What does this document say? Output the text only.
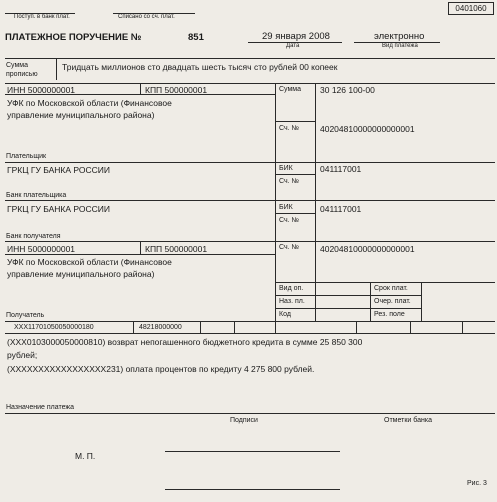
0401060
Поступ. в банк плат.	Списано со сч. плат.
ПЛАТЕЖНОЕ ПОРУЧЕНИЕ №	851	29 января 2008
Дата
электронно
Вид платежа
Сумма
прописью
Тридцать миллионов сто двадцать шесть тысяч сто рублей 00 копеек
ИНН 5000000001	КПП 500000001
УФК по Московской области (Финансовое
управление муниципального района)
Плательщик
ГРКЦ ГУ БАНКА РОССИИ
Банк плательщика
ГРКЦ ГУ БАНКА РОССИИ
Банк получателя
ИНН 5000000001	КПП 500000001
УФК по Московской области (Финансовое
управление муниципального района)
Получатель
Сумма 30 126 100-00
Сч. № 40204810000000000001
БИК	041117001
Сч. №
БИК	041117001
Сч. №
Сч. № 40204810000000000001
Вид оп.	Срок плат.
Наз. пл.	Очер. плат.
Код	Рез. поле
XXX11701050050000180	48218000000
(XXX0103000050000810) возврат непогашенного бюджетного кредита в сумме 25 850 300
рублей;
(XXXXXXXXXXXXXXXXX231) оплата процентов по кредиту 4 275 800 рублей.
Назначение платежа
Подписи	Отметки банка
М. П.
Рис. 3
